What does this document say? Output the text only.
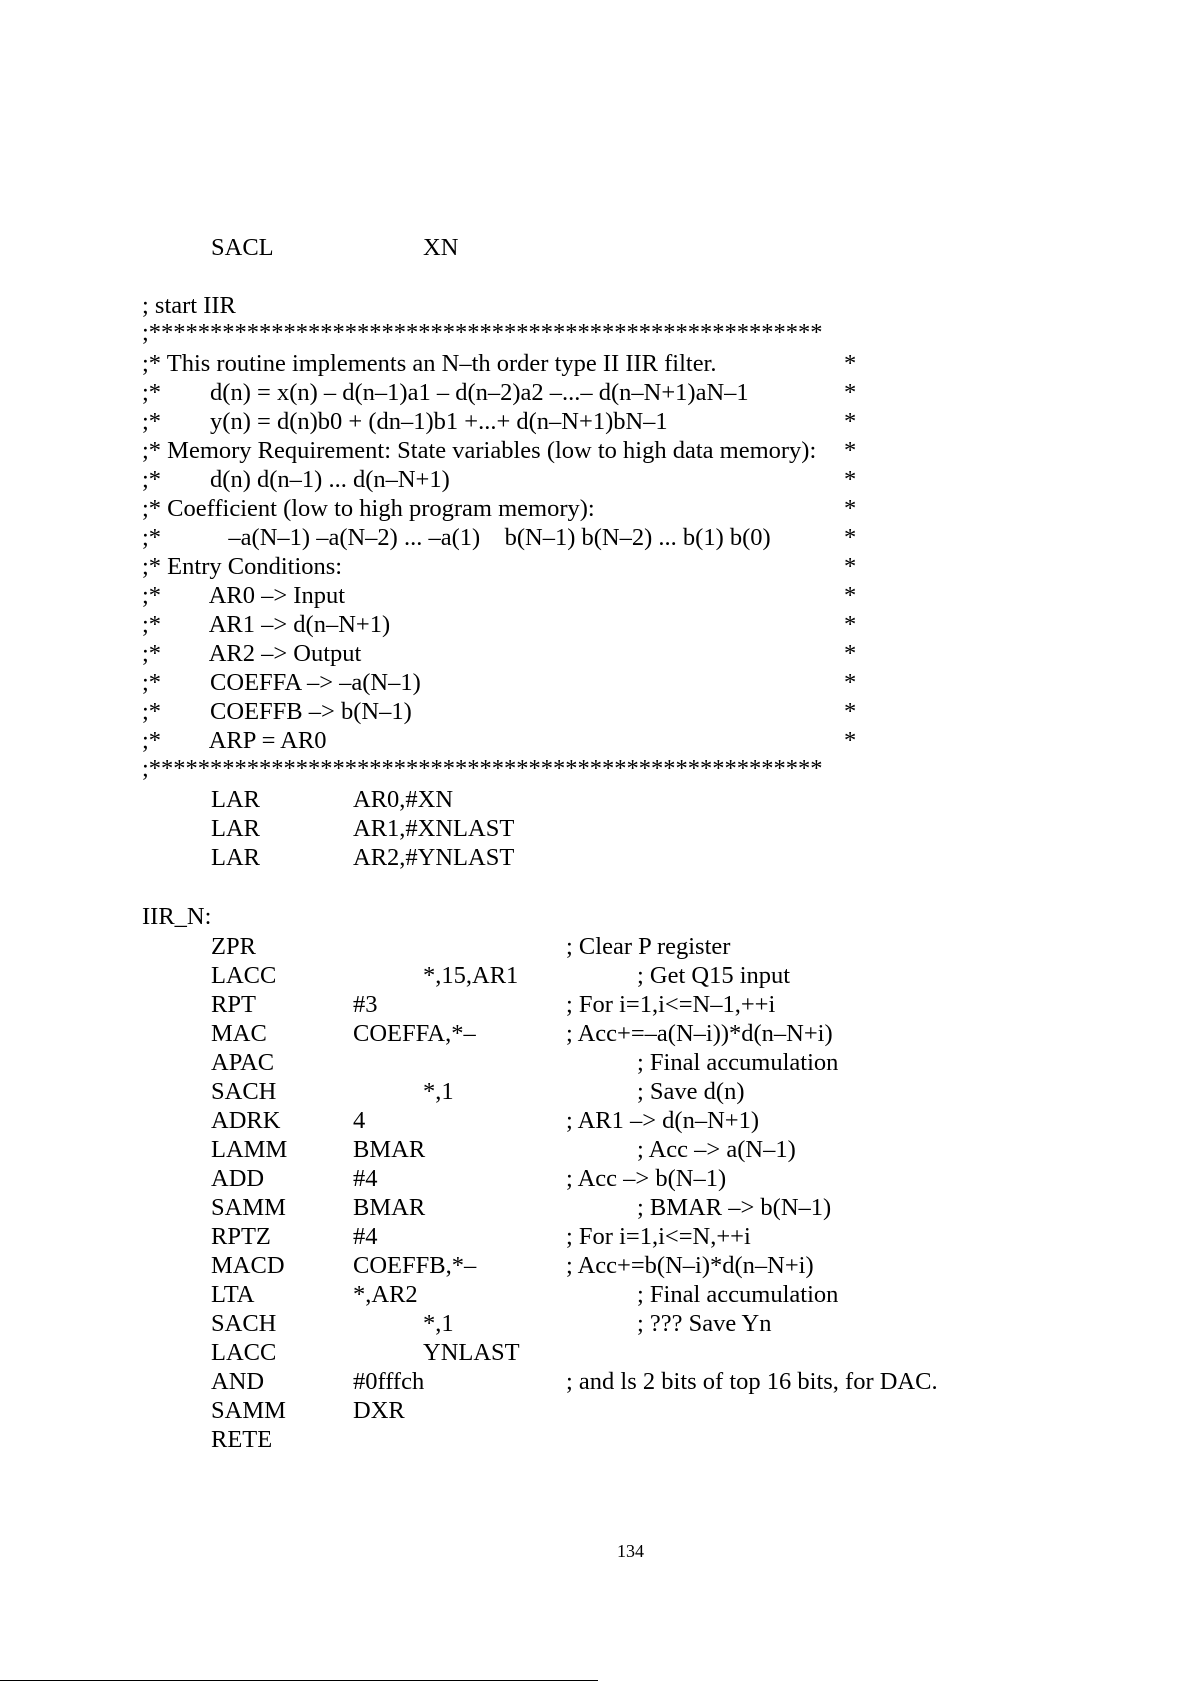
SACL	XN
; start IIR
;*******************************************************
;* This routine implements an N–th order type II IIR filter.	*
;*        d(n) = x(n) – d(n–1)a1 – d(n–2)a2 –...– d(n–N+1)aN–1	*
;*        y(n) = d(n)b0 + (dn–1)b1 +...+ d(n–N+1)bN–1	*
;* Memory Requirement: State variables (low to high data memory): *
;*        d(n) d(n–1) ... d(n–N+1)	*
;* Coefficient (low to high program memory):	*
;*           –a(N–1) –a(N–2) ... –a(1)    b(N–1) b(N–2) ... b(1) b(0)	*
;* Entry Conditions:	*
;*        AR0 –> Input	*
;*        AR1 –> d(n–N+1)	*
;*        AR2 –> Output	*
;*        COEFFA –> –a(N–1)	*
;*        COEFFB –> b(N–1)	*
;*        ARP = AR0	*
;*******************************************************
LAR	AR0,#XN
LAR	AR1,#XNLAST
LAR	AR2,#YNLAST
IIR_N:
ZPR	; Clear P register
LACC	*,15,AR1	; Get Q15 input
RPT	#3	; For i=1,i<=N–1,++i
MAC	COEFFA,*–	; Acc+=–a(N–i))*d(n–N+i)
APAC	; Final accumulation
SACH	*,1	; Save d(n)
ADRK	4	; AR1 –> d(n–N+1)
LAMM	BMAR	; Acc –> a(N–1)
ADD	#4	; Acc –> b(N–1)
SAMM	BMAR	; BMAR –> b(N–1)
RPTZ	#4	; For i=1,i<=N,++i
MACD	COEFFB,*–	; Acc+=b(N–i)*d(n–N+i)
LTA	*,AR2	; Final accumulation
SACH	*,1	; ??? Save Yn
LACC	YNLAST
AND	#0fffch	; and ls 2 bits of top 16 bits, for DAC.
SAMM	DXR
RETE
134
